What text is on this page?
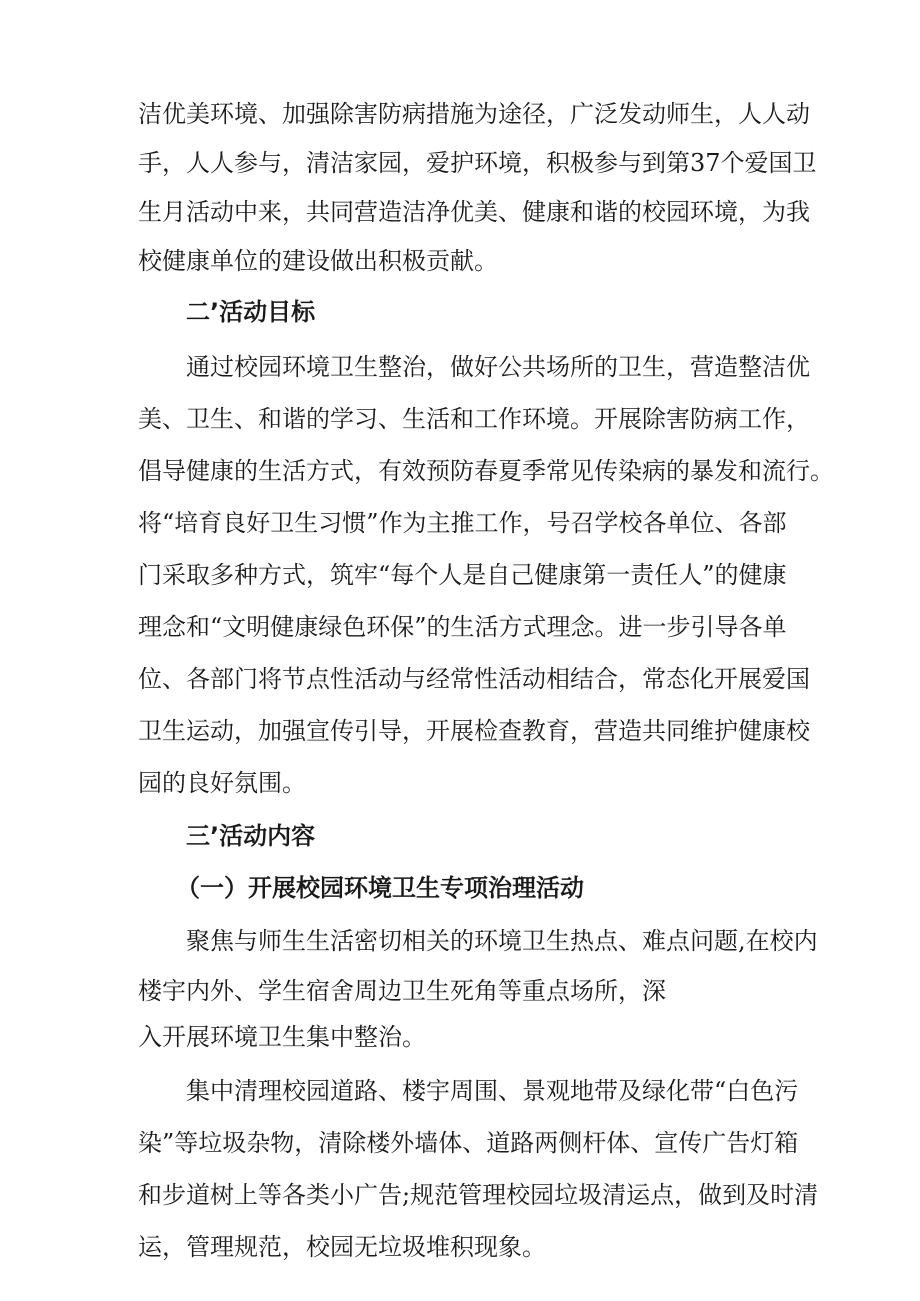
洁优美环境、加强除害防病措施为途径，广泛发动师生，人人动
手，人人参与，清洁家园，爱护环境，积极参与到第37个爱国卫
生月活动中来，共同营造洁净优美、健康和谐的校园环境，为我
校健康单位的建设做出积极贡献。
二’活动目标
通过校园环境卫生整治，做好公共场所的卫生，营造整洁优
美、卫生、和谐的学习、生活和工作环境。开展除害防病工作，
倡导健康的生活方式，有效预防春夏季常见传染病的暴发和流行。
将“培育良好卫生习惯”作为主推工作，号召学校各单位、各部
门采取多种方式，筑牢“每个人是自己健康第一责任人”的健康
理念和“文明健康绿色环保”的生活方式理念。进一步引导各单
位、各部门将节点性活动与经常性活动相结合，常态化开展爱国
卫生运动，加强宣传引导，开展检查教育，营造共同维护健康校
园的良好氛围。
三’活动内容
（一）开展校园环境卫生专项治理活动
聚焦与师生生活密切相关的环境卫生热点、难点问题,在校内
楼宇内外、学生宿舍周边卫生死角等重点场所，深
入开展环境卫生集中整治。
集中清理校园道路、楼宇周围、景观地带及绿化带“白色污
染”等垃圾杂物，清除楼外墙体、道路两侧杆体、宣传广告灯箱
和步道树上等各类小广告;规范管理校园垃圾清运点，做到及时清
运，管理规范，校园无垃圾堆积现象。
